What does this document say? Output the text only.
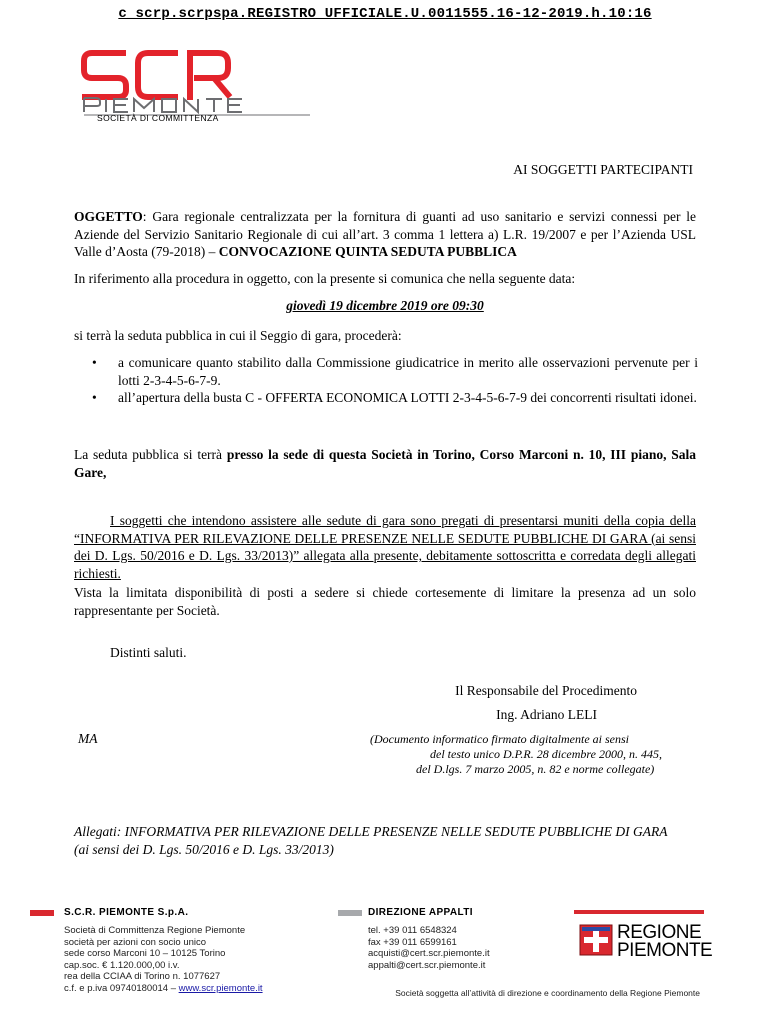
c_scrp.scrpspa.REGISTRO UFFICIALE.U.0011555.16-12-2019.h.10:16
SOCIETÀ DI COMMITTENZA
AI SOGGETTI PARTECIPANTI
OGGETTO: Gara regionale centralizzata per la fornitura di guanti ad uso sanitario e servizi connessi per le Aziende del Servizio Sanitario Regionale di cui all’art. 3 comma 1 lettera a) L.R. 19/2007 e per l’Azienda USL Valle d’Aosta (79-2018) – CONVOCAZIONE QUINTA SEDUTA PUBBLICA
In riferimento alla procedura in oggetto, con la presente si comunica che nella seguente data:
giovedì 19 dicembre 2019 ore 09:30
si terrà la seduta pubblica in cui il Seggio di gara, procederà:
• a comunicare quanto stabilito dalla Commissione giudicatrice in merito alle osservazioni pervenute per i lotti 2-3-4-5-6-7-9.
• all’apertura della busta C - OFFERTA ECONOMICA LOTTI 2-3-4-5-6-7-9 dei concorrenti risultati idonei.
La seduta pubblica si terrà presso la sede di questa Società in Torino, Corso Marconi n. 10, III piano, Sala Gare,
I soggetti che intendono assistere alle sedute di gara sono pregati di presentarsi muniti della copia della “INFORMATIVA PER RILEVAZIONE DELLE PRESENZE NELLE SEDUTE PUBBLICHE DI GARA (ai sensi dei D. Lgs. 50/2016 e D. Lgs. 33/2013)” allegata alla presente, debitamente sottoscritta e corredata degli allegati richiesti.
Vista la limitata disponibilità di posti a sedere si chiede cortesemente di limitare la presenza ad un solo rappresentante per Società.
Distinti saluti.
Il Responsabile del Procedimento
Ing. Adriano LELI
MA	(Documento informatico firmato digitalmente ai sensi
del testo unico D.P.R. 28 dicembre 2000, n. 445,
del D.lgs. 7 marzo 2005, n. 82 e norme collegate)
Allegati: INFORMATIVA PER RILEVAZIONE DELLE PRESENZE NELLE SEDUTE PUBBLICHE DI GARA (ai sensi dei D. Lgs. 50/2016 e D. Lgs. 33/2013)
S.C.R. PIEMONTE S.p.A.
Società di Committenza Regione Piemonte
società per azioni con socio unico
sede corso Marconi 10 – 10125 Torino
cap.soc. € 1.120.000,00 i.v.
rea della CCIAA di Torino n. 1077627
c.f. e p.iva 09740180014 – www.scr.piemonte.it
DIREZIONE APPALTI
tel. +39 011 6548324
fax +39 011 6599161
acquisti@cert.scr.piemonte.it
appalti@cert.scr.piemonte.it
REGIONE
PIEMONTE
Società soggetta all’attività di direzione e coordinamento della Regione Piemonte
